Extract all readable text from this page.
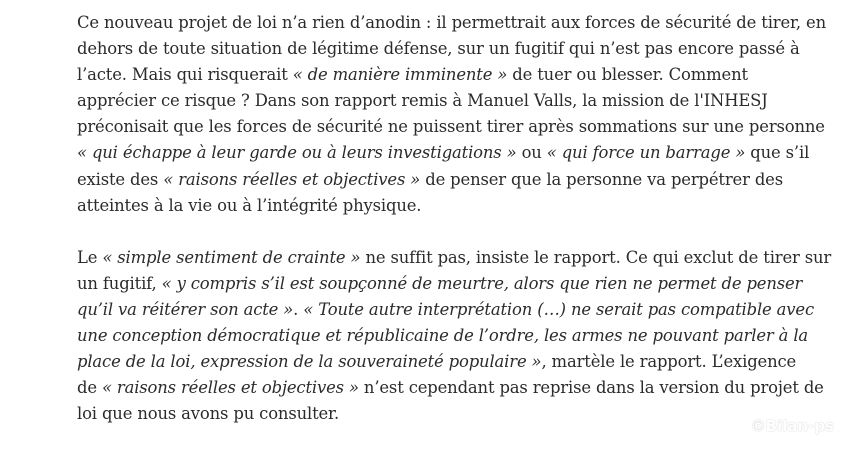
Ce nouveau projet de loi n’a rien d’anodin : il permettrait aux forces de sécurité de tirer, en
dehors de toute situation de légitime défense, sur un fugitif qui n’est pas encore passé à
l’acte. Mais qui risquerait « de manière imminente » de tuer ou blesser. Comment
apprécier ce risque ? Dans son rapport remis à Manuel Valls, la mission de l'INHESJ
préconisait que les forces de sécurité ne puissent tirer après sommations sur une personne
« qui échappe à leur garde ou à leurs investigations » ou « qui force un barrage » que s’il
existe des « raisons réelles et objectives » de penser que la personne va perpétrer des
atteintes à la vie ou à l’intégrité physique.
Le « simple sentiment de crainte » ne suffit pas, insiste le rapport. Ce qui exclut de tirer sur
un fugitif, « y compris s’il est soupçonné de meurtre, alors que rien ne permet de penser
qu’il va réitérer son acte ». « Toute autre interprétation (…) ne serait pas compatible avec
une conception démocratique et républicaine de l’ordre, les armes ne pouvant parler à la
place de la loi, expression de la souveraineté populaire », martèle le rapport. L’exigence
de « raisons réelles et objectives » n’est cependant pas reprise dans la version du projet de
loi que nous avons pu consulter.
©Bilan-ps
